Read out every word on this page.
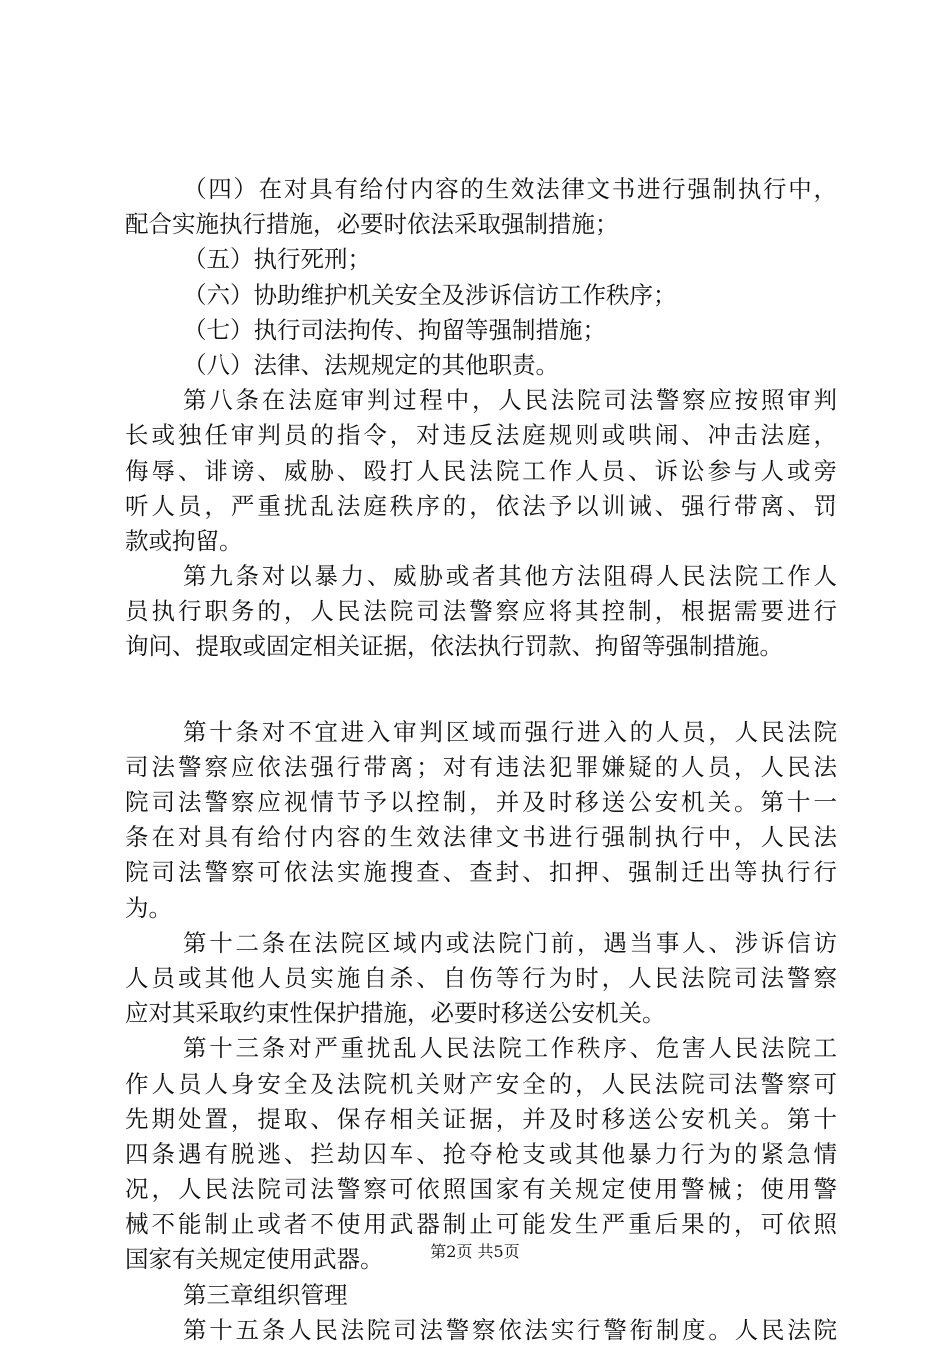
（四）在对具有给付内容的生效法律文书进行强制执行中，
配合实施执行措施，必要时依法采取强制措施；
（五）执行死刑；
（六）协助维护机关安全及涉诉信访工作秩序；
（七）执行司法拘传、拘留等强制措施；
（八）法律、法规规定的其他职责。
第八条在法庭审判过程中，人民法院司法警察应按照审判
长或独任审判员的指令，对违反法庭规则或哄闹、冲击法庭，
侮辱、诽谤、威胁、殴打人民法院工作人员、诉讼参与人或旁
听人员，严重扰乱法庭秩序的，依法予以训诫、强行带离、罚
款或拘留。
第九条对以暴力、威胁或者其他方法阻碍人民法院工作人
员执行职务的，人民法院司法警察应将其控制，根据需要进行
询问、提取或固定相关证据，依法执行罚款、拘留等强制措施。
第十条对不宜进入审判区域而强行进入的人员，人民法院
司法警察应依法强行带离；对有违法犯罪嫌疑的人员，人民法
院司法警察应视情节予以控制，并及时移送公安机关。第十一
条在对具有给付内容的生效法律文书进行强制执行中，人民法
院司法警察可依法实施搜查、查封、扣押、强制迁出等执行行
为。
第十二条在法院区域内或法院门前，遇当事人、涉诉信访
人员或其他人员实施自杀、自伤等行为时，人民法院司法警察
应对其采取约束性保护措施，必要时移送公安机关。
第十三条对严重扰乱人民法院工作秩序、危害人民法院工
作人员人身安全及法院机关财产安全的，人民法院司法警察可
先期处置，提取、保存相关证据，并及时移送公安机关。第十
四条遇有脱逃、拦劫囚车、抢夺枪支或其他暴力行为的紧急情
况，人民法院司法警察可依照国家有关规定使用警械；使用警
械不能制止或者不使用武器制止可能发生严重后果的，可依照
国家有关规定使用武器。
第三章组织管理
第十五条人民法院司法警察依法实行警衔制度。人民法院
第2页 共5页
